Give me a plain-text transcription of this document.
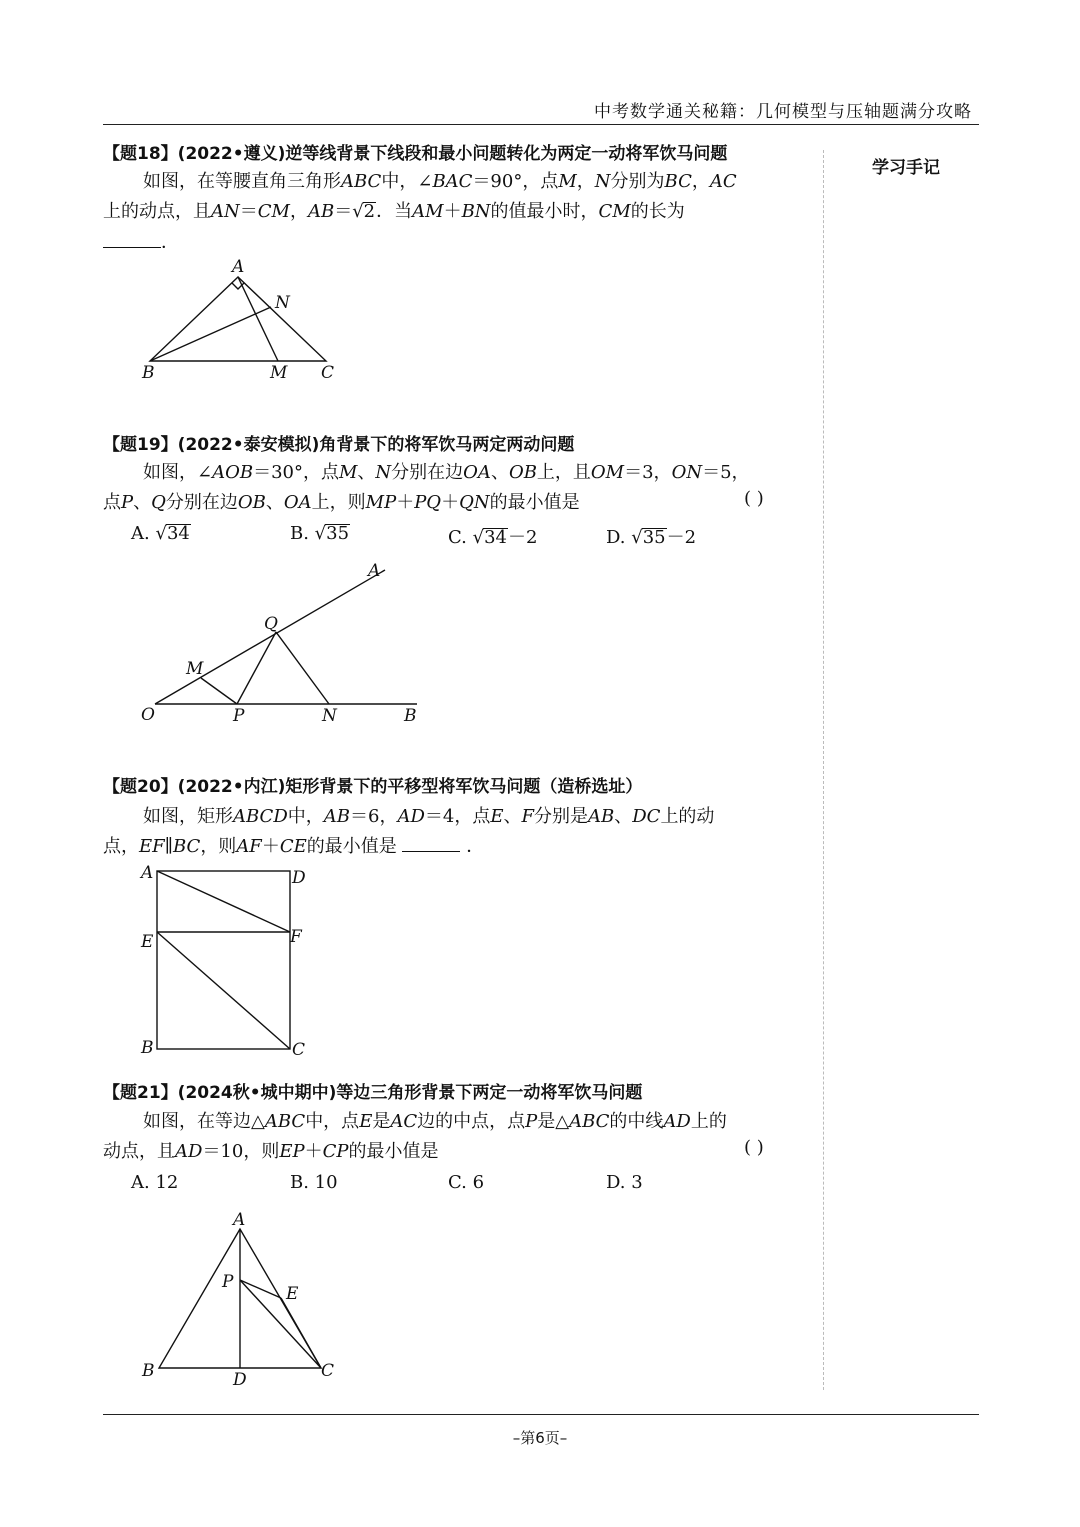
中考数学通关秘籍：几何模型与压轴题满分攻略
学习手记
【题18】(2022•遵义)逆等线背景下线段和最小问题转化为两定一动将军饮马问题
如图，在等腰直角三角形ABC中，∠BAC＝90°，点M，N分别为BC，AC
上的动点，且AN＝CM，AB＝√2．当AM＋BN的值最小时，CM的长为
．
A
N
B	M C
【题19】(2022•泰安模拟)角背景下的将军饮马两定两动问题
如图，∠AOB＝30°，点M、N分别在边OA、OB上，且OM＝3，ON＝5，
点P、Q分别在边OB、OA上，则MP＋PQ＋QN的最小值是	( )
A. √34	B. √35	C. √34－2	D. √35－2
A
Q
M
O	P	N	B
【题20】(2022•内江)矩形背景下的平移型将军饮马问题（造桥选址）
如图，矩形ABCD中，AB＝6，AD＝4，点E、F分别是AB、DC上的动
点，EF∥BC，则AF＋CE的最小值是	．
A	D
E	F
B	C
【题21】(2024秋•城中期中)等边三角形背景下两定一动将军饮马问题
如图，在等边△ABC中，点E是AC边的中点，点P是△ABC的中线AD上的
动点，且AD＝10，则EP＋CP的最小值是	( )
A. 12	B. 10	C. 6	D. 3
A
P
E
B	D	C
–第6页–
